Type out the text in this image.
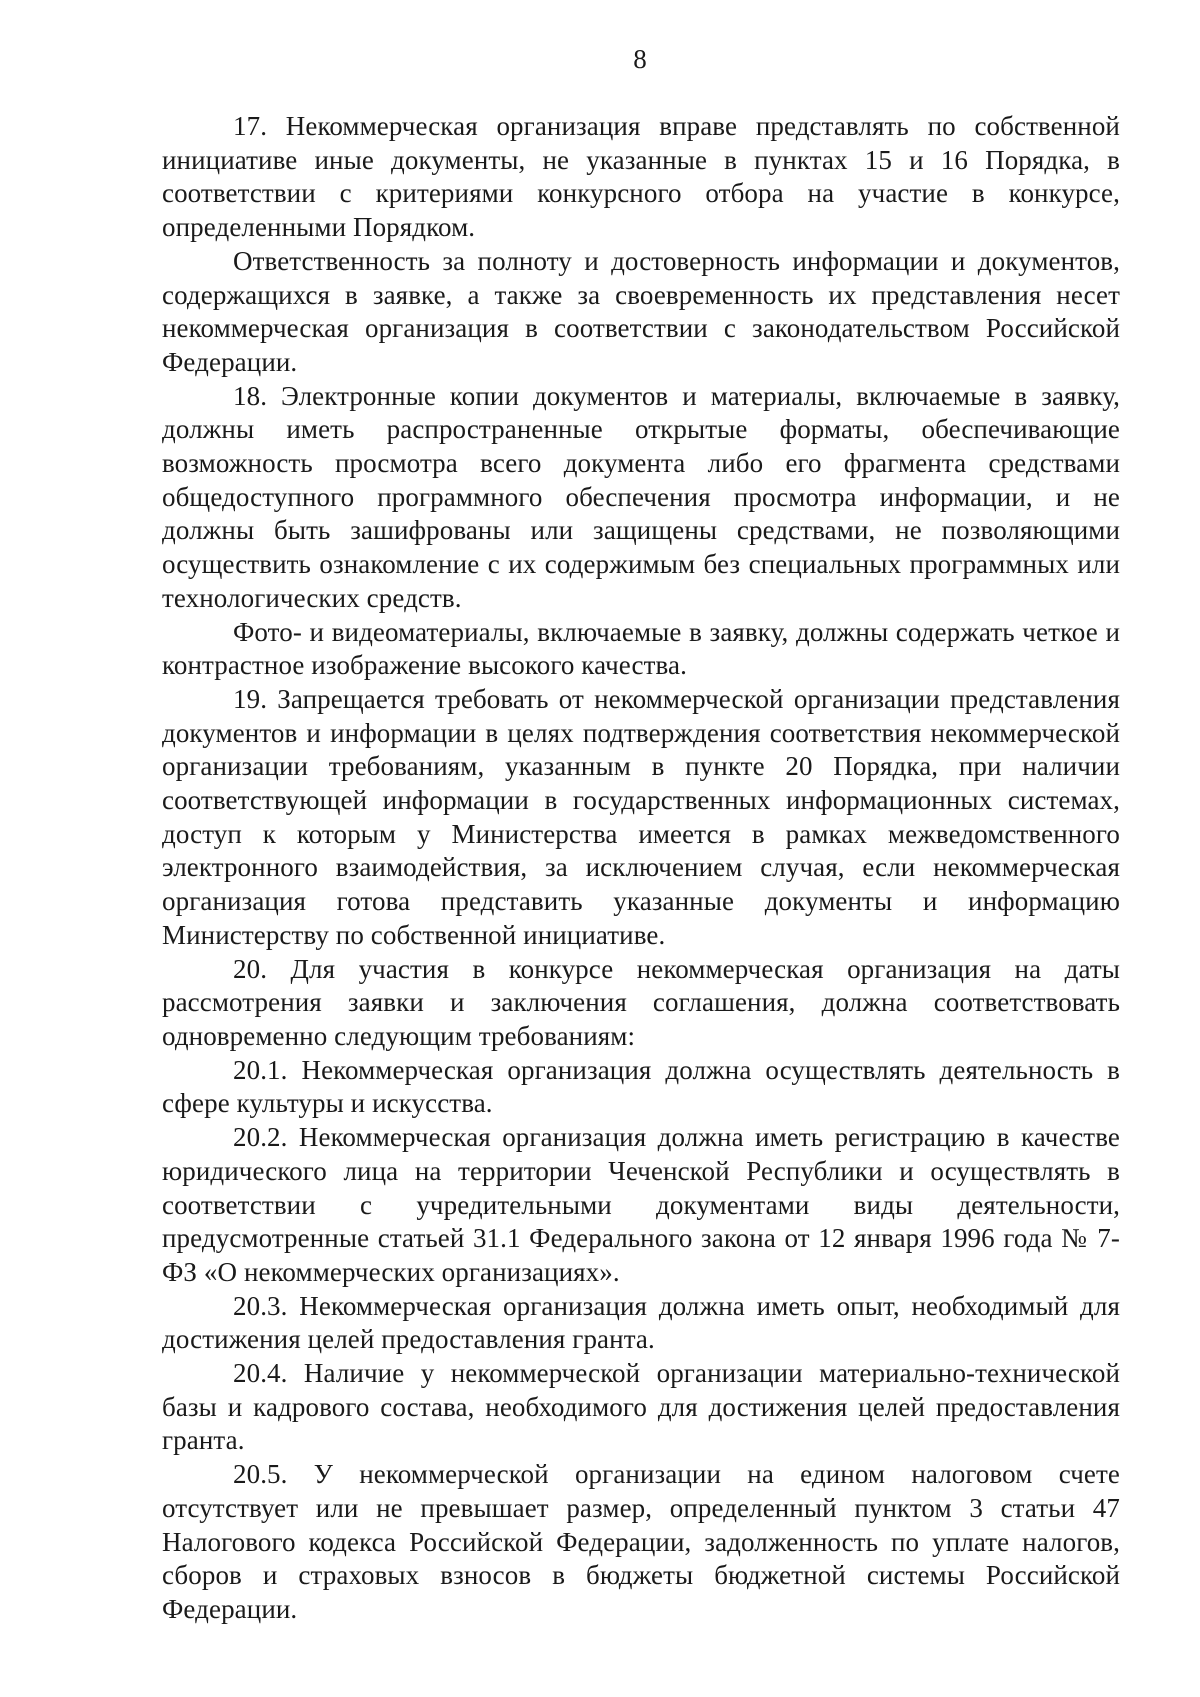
8

17. Некоммерческая организация вправе представлять по собственной инициативе иные документы, не указанные в пунктах 15 и 16 Порядка, в соответствии с критериями конкурсного отбора на участие в конкурсе, определенными Порядком.

Ответственность за полноту и достоверность информации и документов, содержащихся в заявке, а также за своевременность их представления несет некоммерческая организация в соответствии с законодательством Российской Федерации.

18. Электронные копии документов и материалы, включаемые в заявку, должны иметь распространенные открытые форматы, обеспечивающие возможность просмотра всего документа либо его фрагмента средствами общедоступного программного обеспечения просмотра информации, и не должны быть зашифрованы или защищены средствами, не позволяющими осуществить ознакомление с их содержимым без специальных программных или технологических средств.

Фото- и видеоматериалы, включаемые в заявку, должны содержать четкое и контрастное изображение высокого качества.

19. Запрещается требовать от некоммерческой организации представления документов и информации в целях подтверждения соответствия некоммерческой организации требованиям, указанным в пункте 20 Порядка, при наличии соответствующей информации в государственных информационных системах, доступ к которым у Министерства имеется в рамках межведомственного электронного взаимодействия, за исключением случая, если некоммерческая организация готова представить указанные документы и информацию Министерству по собственной инициативе.

20. Для участия в конкурсе некоммерческая организация на даты рассмотрения заявки и заключения соглашения, должна соответствовать одновременно следующим требованиям:

20.1. Некоммерческая организация должна осуществлять деятельность в сфере культуры и искусства.

20.2. Некоммерческая организация должна иметь регистрацию в качестве юридического лица на территории Чеченской Республики и осуществлять в соответствии с учредительными документами виды деятельности, предусмотренные статьей 31.1 Федерального закона от 12 января 1996 года № 7-ФЗ «О некоммерческих организациях».

20.3. Некоммерческая организация должна иметь опыт, необходимый для достижения целей предоставления гранта.

20.4. Наличие у некоммерческой организации материально-технической базы и кадрового состава, необходимого для достижения целей предоставления гранта.

20.5. У некоммерческой организации на едином налоговом счете отсутствует или не превышает размер, определенный пунктом 3 статьи 47 Налогового кодекса Российской Федерации, задолженность по уплате налогов, сборов и страховых взносов в бюджеты бюджетной системы Российской Федерации.
